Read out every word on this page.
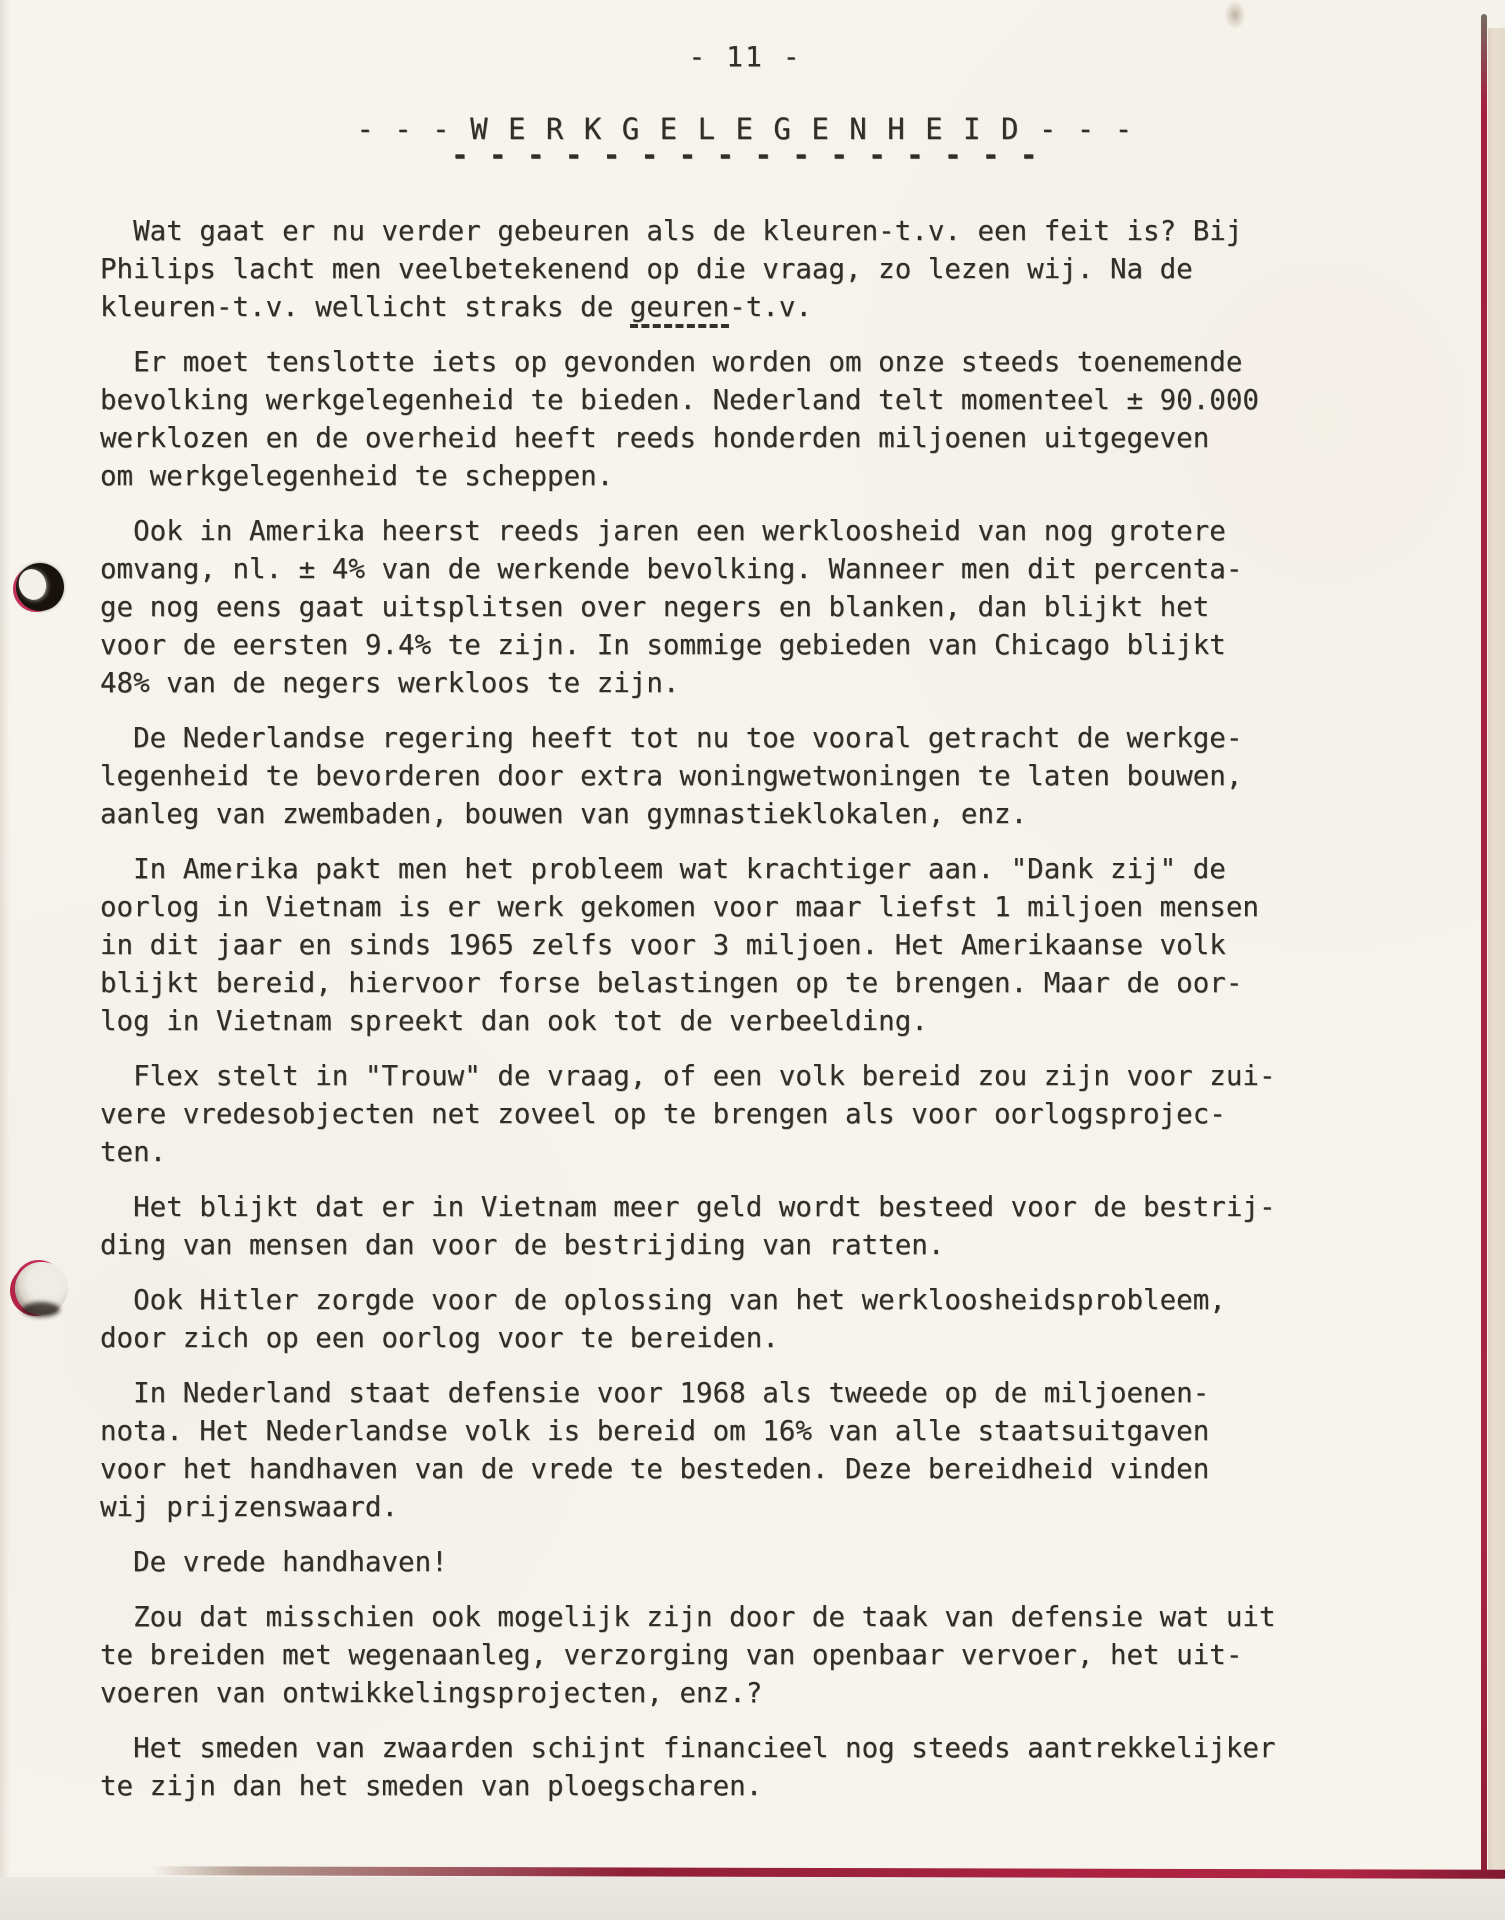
- 11 -
- - - W E R K G E L E G E N H E I D - - -
- - - - - - - - - - - - - - - -
Wat gaat er nu verder gebeuren als de kleuren-t.v. een feit is? Bij
Philips lacht men veelbetekenend op die vraag, zo lezen wij. Na de
kleuren-t.v. wellicht straks de geuren-t.v.
Er moet tenslotte iets op gevonden worden om onze steeds toenemende
bevolking werkgelegenheid te bieden. Nederland telt momenteel ± 90.000
werklozen en de overheid heeft reeds honderden miljoenen uitgegeven
om werkgelegenheid te scheppen.
Ook in Amerika heerst reeds jaren een werkloosheid van nog grotere
omvang, nl. ± 4% van de werkende bevolking. Wanneer men dit percenta-
ge nog eens gaat uitsplitsen over negers en blanken, dan blijkt het
voor de eersten 9.4% te zijn. In sommige gebieden van Chicago blijkt
48% van de negers werkloos te zijn.
De Nederlandse regering heeft tot nu toe vooral getracht de werkge-
legenheid te bevorderen door extra woningwetwoningen te laten bouwen,
aanleg van zwembaden, bouwen van gymnastieklokalen, enz.
In Amerika pakt men het probleem wat krachtiger aan. "Dank zij" de
oorlog in Vietnam is er werk gekomen voor maar liefst 1 miljoen mensen
in dit jaar en sinds 1965 zelfs voor 3 miljoen. Het Amerikaanse volk
blijkt bereid, hiervoor forse belastingen op te brengen. Maar de oor-
log in Vietnam spreekt dan ook tot de verbeelding.
Flex stelt in "Trouw" de vraag, of een volk bereid zou zijn voor zui-
vere vredesobjecten net zoveel op te brengen als voor oorlogsprojec-
ten.
Het blijkt dat er in Vietnam meer geld wordt besteed voor de bestrij-
ding van mensen dan voor de bestrijding van ratten.
Ook Hitler zorgde voor de oplossing van het werkloosheidsprobleem,
door zich op een oorlog voor te bereiden.
In Nederland staat defensie voor 1968 als tweede op de miljoenen-
nota. Het Nederlandse volk is bereid om 16% van alle staatsuitgaven
voor het handhaven van de vrede te besteden. Deze bereidheid vinden
wij prijzenswaard.
De vrede handhaven!
Zou dat misschien ook mogelijk zijn door de taak van defensie wat uit
te breiden met wegenaanleg, verzorging van openbaar vervoer, het uit-
voeren van ontwikkelingsprojecten, enz.?
Het smeden van zwaarden schijnt financieel nog steeds aantrekkelijker
te zijn dan het smeden van ploegscharen.
